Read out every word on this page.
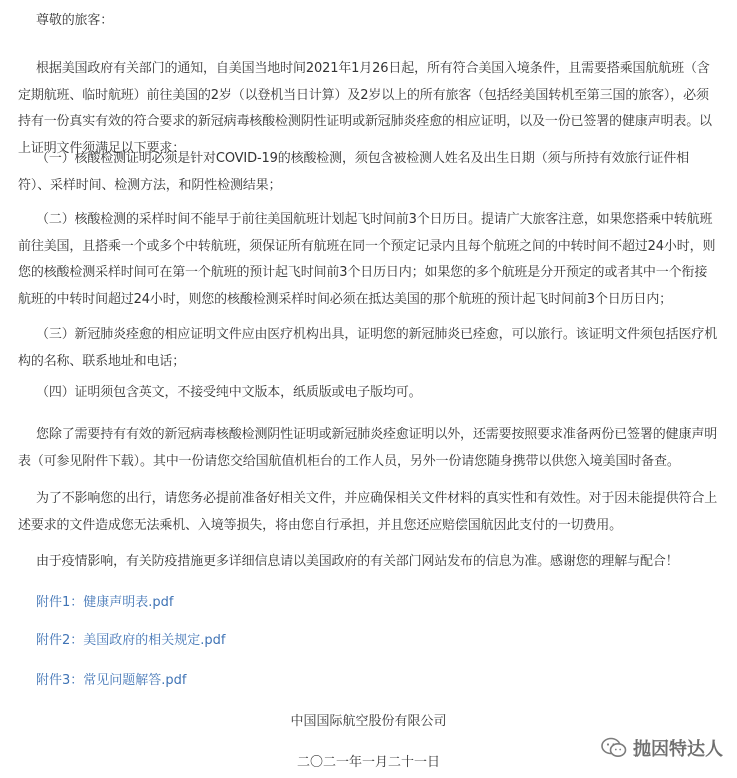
尊敬的旅客：
根据美国政府有关部门的通知，自美国当地时间2021年1月26日起，所有符合美国入境条件，且需要搭乘国航航班（含定期航班、临时航班）前往美国的2岁（以登机当日计算）及2岁以上的所有旅客（包括经美国转机至第三国的旅客），必须持有一份真实有效的符合要求的新冠病毒核酸检测阴性证明或新冠肺炎痊愈的相应证明，以及一份已签署的健康声明表。以上证明文件须满足以下要求：
（一）核酸检测证明必须是针对COVID-19的核酸检测，须包含被检测人姓名及出生日期（须与所持有效旅行证件相符）、采样时间、检测方法，和阴性检测结果；
（二）核酸检测的采样时间不能早于前往美国航班计划起飞时间前3个日历日。提请广大旅客注意，如果您搭乘中转航班前往美国，且搭乘一个或多个中转航班，须保证所有航班在同一个预定记录内且每个航班之间的中转时间不超过24小时，则您的核酸检测采样时间可在第一个航班的预计起飞时间前3个日历日内；如果您的多个航班是分开预定的或者其中一个衔接航班的中转时间超过24小时，则您的核酸检测采样时间必须在抵达美国的那个航班的预计起飞时间前3个日历日内；
（三）新冠肺炎痊愈的相应证明文件应由医疗机构出具，证明您的新冠肺炎已痊愈，可以旅行。该证明文件须包括医疗机构的名称、联系地址和电话；
（四）证明须包含英文，不接受纯中文版本，纸质版或电子版均可。
您除了需要持有有效的新冠病毒核酸检测阴性证明或新冠肺炎痊愈证明以外，还需要按照要求准备两份已签署的健康声明表（可参见附件下载）。其中一份请您交给国航值机柜台的工作人员，另外一份请您随身携带以供您入境美国时备查。
为了不影响您的出行，请您务必提前准备好相关文件，并应确保相关文件材料的真实性和有效性。对于因未能提供符合上述要求的文件造成您无法乘机、入境等损失，将由您自行承担，并且您还应赔偿国航因此支付的一切费用。
由于疫情影响，有关防疫措施更多详细信息请以美国政府的有关部门网站发布的信息为准。感谢您的理解与配合！
附件1：健康声明表.pdf
附件2：美国政府的相关规定.pdf
附件3：常见问题解答.pdf
中国国际航空股份有限公司
二〇二一年一月二十一日
抛因特达人
